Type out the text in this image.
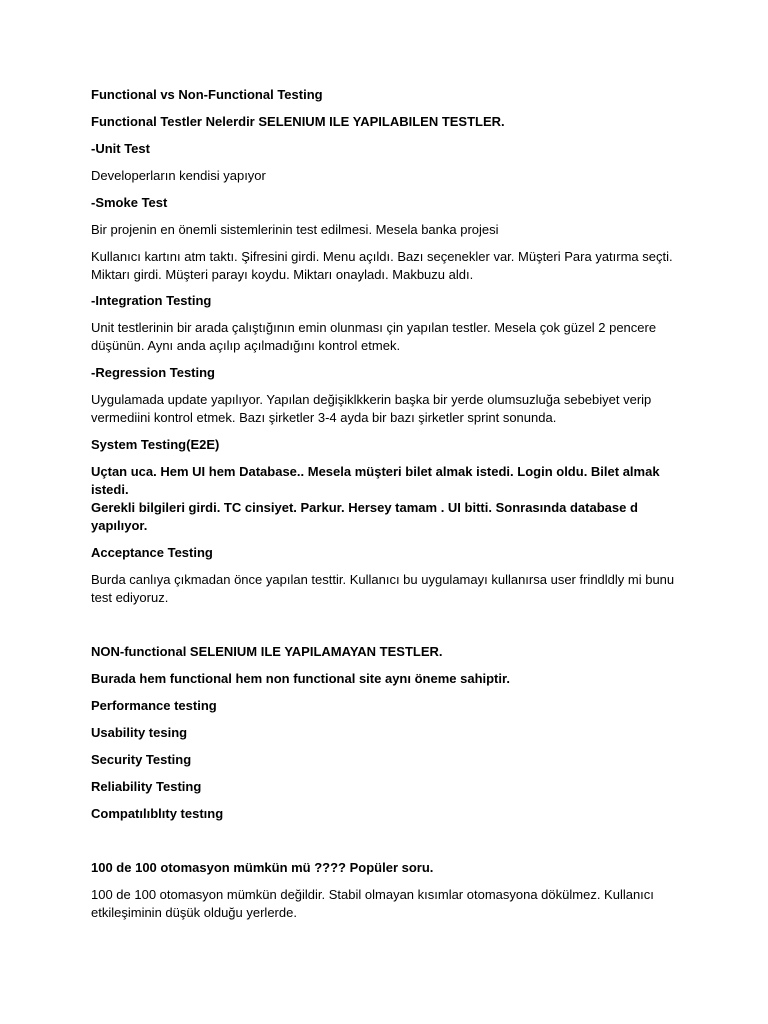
Functional vs Non-Functional Testing

Functional Testler Nelerdir SELENIUM ILE YAPILABILEN TESTLER.

-Unit Test

Developerların kendisi yapıyor

-Smoke Test

Bir projenin en önemli sistemlerinin test edilmesi. Mesela banka projesi

Kullanıcı kartını atm taktı. Şifresini girdi. Menu açıldı. Bazı seçenekler var. Müşteri Para yatırma seçti.

Miktarı girdi. Müşteri parayı koydu. Miktarı onayladı. Makbuzu aldı.

-Integration Testing

Unit testlerinin bir arada çalıştığının emin olunması çin yapılan testler. Mesela çok güzel 2 pencere

düşünün. Aynı anda açılıp açılmadığını kontrol etmek.

-Regression Testing

Uygulamada update yapılıyor. Yapılan değişiklkkerin başka bir yerde olumsuzluğa sebebiyet verip

vermediini kontrol etmek. Bazı şirketler 3-4 ayda bir bazı şirketler sprint sonunda.

System Testing(E2E)

Uçtan uca. Hem UI hem Database.. Mesela müşteri bilet almak istedi. Login oldu. Bilet almak istedi.

Gerekli bilgileri girdi. TC cinsiyet. Parkur. Hersey tamam . UI bitti. Sonrasında database d yapılıyor.

Acceptance Testing

Burda canlıya çıkmadan önce yapılan testtir. Kullanıcı bu uygulamayı kullanırsa user frindldly mi bunu

test ediyoruz.

NON-functional SELENIUM ILE YAPILAMAYAN TESTLER.

Burada hem functional hem non functional site aynı öneme sahiptir.

Performance testing

Usability tesing

Security Testing

Reliability Testing

Compatılıblıty testıng

100 de 100 otomasyon mümkün mü ???? Popüler soru.

100 de 100 otomasyon mümkün değildir. Stabil olmayan kısımlar otomasyona dökülmez. Kullanıcı

etkileşiminin düşük olduğu yerlerde.
